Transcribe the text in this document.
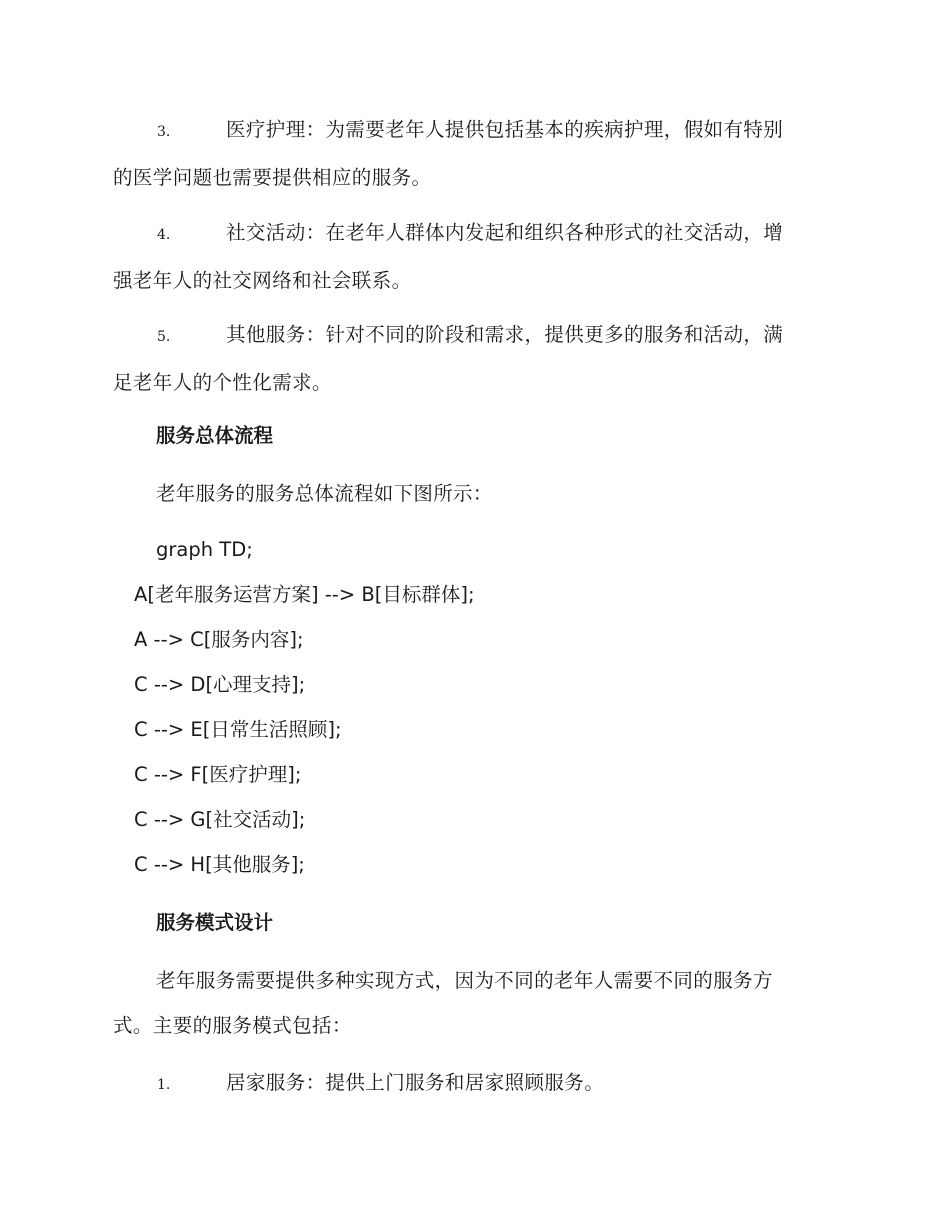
3.	医疗护理：为需要老年人提供包括基本的疾病护理，假如有特别
的医学问题也需要提供相应的服务。
4.	社交活动：在老年人群体内发起和组织各种形式的社交活动，增
强老年人的社交网络和社会联系。
5.	其他服务：针对不同的阶段和需求，提供更多的服务和活动，满
足老年人的个性化需求。
服务总体流程
老年服务的服务总体流程如下图所示：
graph TD;
A[老年服务运营方案] --> B[目标群体];
A --> C[服务内容];
C --> D[心理支持];
C --> E[日常生活照顾];
C --> F[医疗护理];
C --> G[社交活动];
C --> H[其他服务];
服务模式设计
老年服务需要提供多种实现方式，因为不同的老年人需要不同的服务方
式。主要的服务模式包括：
1.	居家服务：提供上门服务和居家照顾服务。
